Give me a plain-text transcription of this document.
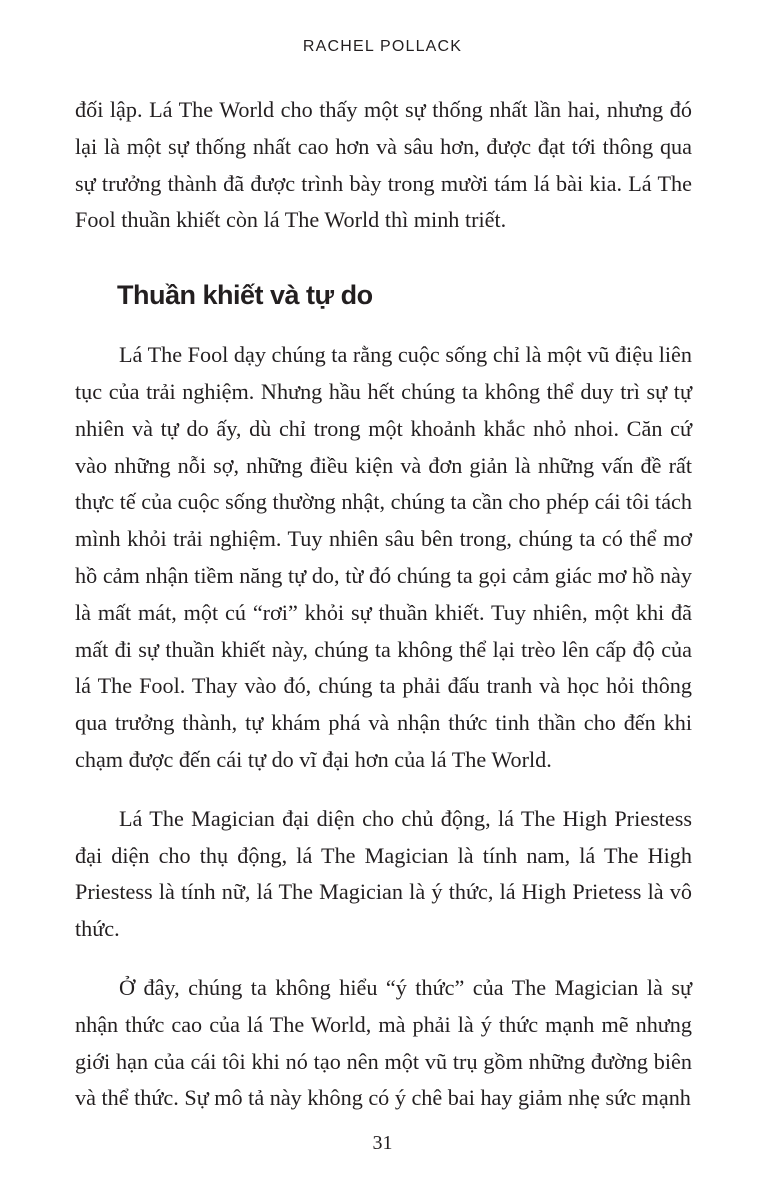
RACHEL POLLACK

đối lập. Lá The World cho thấy một sự thống nhất lần hai, nhưng đó lại là một sự thống nhất cao hơn và sâu hơn, được đạt tới thông qua sự trưởng thành đã được trình bày trong mười tám lá bài kia. Lá The Fool thuần khiết còn lá The World thì minh triết.

Thuần khiết và tự do

Lá The Fool dạy chúng ta rằng cuộc sống chỉ là một vũ điệu liên tục của trải nghiệm. Nhưng hầu hết chúng ta không thể duy trì sự tự nhiên và tự do ấy, dù chỉ trong một khoảnh khắc nhỏ nhoi. Căn cứ vào những nỗi sợ, những điều kiện và đơn giản là những vấn đề rất thực tế của cuộc sống thường nhật, chúng ta cần cho phép cái tôi tách mình khỏi trải nghiệm. Tuy nhiên sâu bên trong, chúng ta có thể mơ hồ cảm nhận tiềm năng tự do, từ đó chúng ta gọi cảm giác mơ hồ này là mất mát, một cú “rơi” khỏi sự thuần khiết. Tuy nhiên, một khi đã mất đi sự thuần khiết này, chúng ta không thể lại trèo lên cấp độ của lá The Fool. Thay vào đó, chúng ta phải đấu tranh và học hỏi thông qua trưởng thành, tự khám phá và nhận thức tinh thần cho đến khi chạm được đến cái tự do vĩ đại hơn của lá The World.

Lá The Magician đại diện cho chủ động, lá The High Priestess đại diện cho thụ động, lá The Magician là tính nam, lá The High Priestess là tính nữ, lá The Magician là ý thức, lá High Prietess là vô thức.

Ở đây, chúng ta không hiểu “ý thức” của The Magician là sự nhận thức cao của lá The World, mà phải là ý thức mạnh mẽ nhưng giới hạn của cái tôi khi nó tạo nên một vũ trụ gồm những đường biên và thể thức. Sự mô tả này không có ý chê bai hay giảm nhẹ sức mạnh

31
